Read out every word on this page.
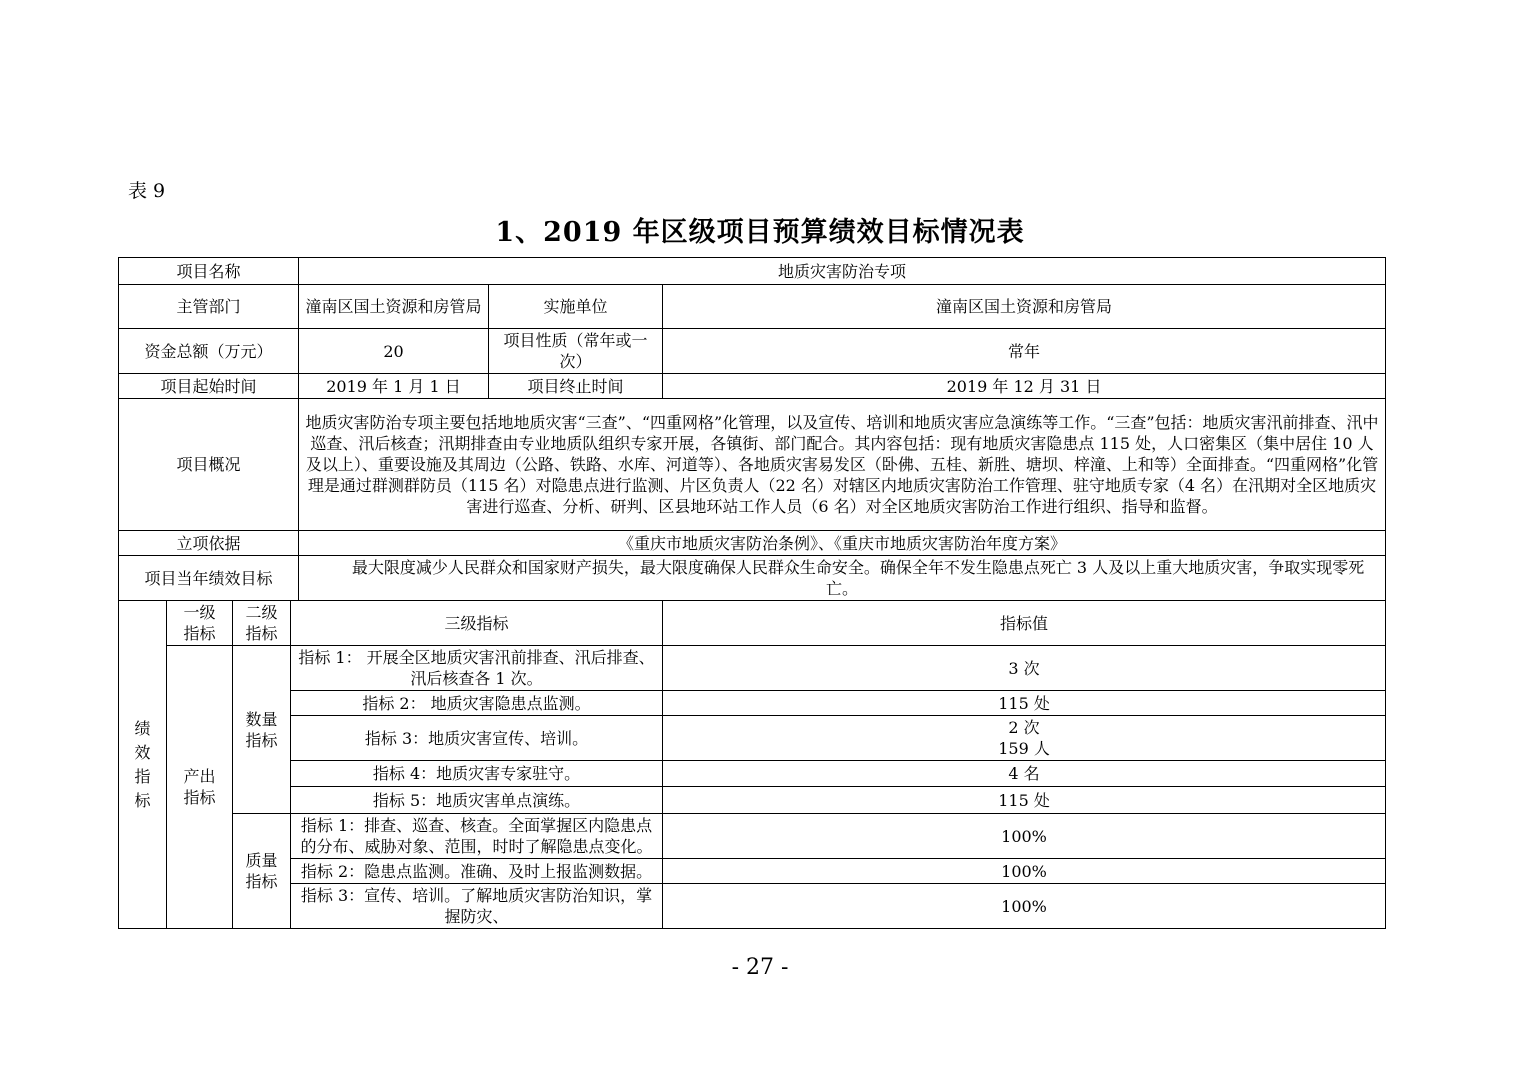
表 9
1、2019 年区级项目预算绩效目标情况表
项目名称				地质灾害防治专项		
主管部门				潼南区国土资源和房管局	实施单位	潼南区国土资源和房管局
资金总额（万元）				20	项目性质（常年或一次）	常年
项目起始时间				2019 年 1 月 1 日	项目终止时间	2019 年 12 月 31 日
项目概况				地质灾害防治专项主要包括地地质灾害“三查”、“四重网格”化管理，以及宣传、培训和地质灾害应急演练等工作。“三查”包括：地质灾害汛前排查、汛中巡查、汛后核查；汛期排查由专业地质队组织专家开展，各镇街、部门配合。其内容包括：现有地质灾害隐患点 115 处，人口密集区（集中居住 10 人及以上）、重要设施及其周边（公路、铁路、水库、河道等）、各地质灾害易发区（卧佛、五桂、新胜、塘坝、梓潼、上和等）全面排查。“四重网格”化管理是通过群测群防员（115 名）对隐患点进行监测、片区负责人（22 名）对辖区内地质灾害防治工作管理、驻守地质专家（4 名）在汛期对全区地质灾害进行巡查、分析、研判、区县地环站工作人员（6 名）对全区地质灾害防治工作进行组织、指导和监督。		
立项依据				《重庆市地质灾害防治条例》、《重庆市地质灾害防治年度方案》		
项目当年绩效目标				最大限度减少人民群众和国家财产损失，最大限度确保人民群众生命安全。确保全年不发生隐患点死亡 3 人及以上重大地质灾害，争取实现零死亡。		
绩效指标	一级指标	二级指标	三级指标			指标值
	产出指标	数量指标	指标 1： 开展全区地质灾害汛前排查、汛后排查、汛后核查各 1 次。			3 次
			指标 2： 地质灾害隐患点监测。			115 处
			指标 3：地质灾害宣传、培训。			2 次
159 人
			指标 4：地质灾害专家驻守。			4 名
			指标 5：地质灾害单点演练。			115 处
		质量指标	指标 1：排查、巡查、核查。全面掌握区内隐患点的分布、威胁对象、范围，时时了解隐患点变化。			100%
			指标 2：隐患点监测。准确、及时上报监测数据。			100%
			指标 3：宣传、培训。了解地质灾害防治知识，掌握防灾、			100%
- 27 -
